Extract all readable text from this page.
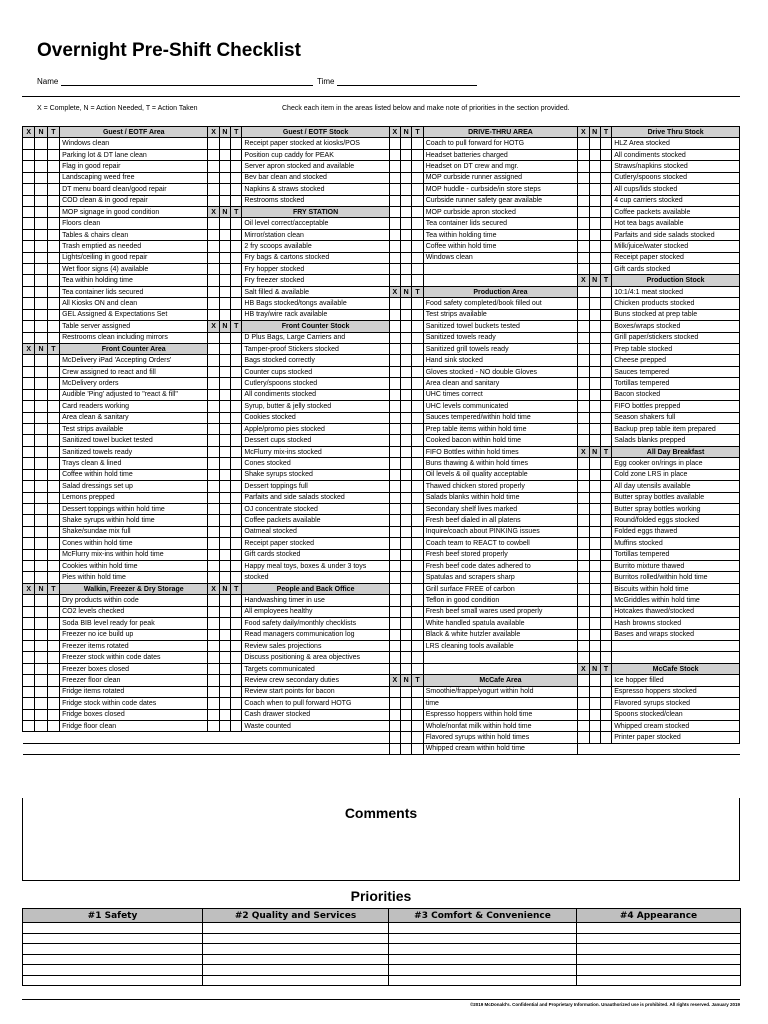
Overnight Pre-Shift Checklist
Name	Time
X = Complete, N = Action Needed, T = Action Taken	Check each item in the areas listed below and make note of priorities in the section provided.
X	N	T	Guest / EOTF Area	X	N	T	Guest / EOTF Stock	X	N	T	DRIVE-THRU AREA	X	N	T	Drive Thru Stock
			Windows clean				Receipt paper stocked at kiosks/POS				Coach to pull forward for HOTG				HLZ Area stocked
			Parking lot & DT lane clean				Position cup caddy for PEAK				Headset batteries charged				All condiments stocked
			Flag in good repair				Server apron stocked and available				Headset on DT crew and mgr.				Straws/napkins stocked
			Landscaping weed free				Bev bar clean and stocked				MOP curbside runner assigned				Cutlery/spoons stocked
			DT menu board clean/good repair				Napkins & straws stocked				MOP huddle - curbside/in store steps				All cups/lids stocked
			COD clean & in good repair				Restrooms stocked				Curbside runner safety gear available				4 cup carriers stocked
			MOP signage in good condition	X	N	T	FRY STATION				MOP curbside apron stocked				Coffee packets available
			Floors clean				Oil level correct/acceptable				Tea container lids secured				Hot tea bags available
			Tables & chairs clean				Mirror/station clean				Tea within holding time				Parfaits and side salads stocked
			Trash emptied as needed				2 fry scoops available				Coffee within hold time				Milk/juice/water stocked
			Lights/ceiling in good repair				Fry bags & cartons stocked				Windows clean				Receipt paper stocked
			Wet floor signs (4) available				Fry hopper stocked								Gift cards stocked
			Tea within holding time				Fry freezer stocked					X	N	T	Production Stock
			Tea container lids secured				Salt filled & available	X	N	T	Production Area				10:1/4:1 meat stocked
			All Kiosks ON and clean				HB Bags stocked/tongs available				Food safety completed/book filled out				Chicken products stocked
			GEL Assigned & Expectations Set				HB tray/wire rack available				Test strips available				Buns stocked at prep table
			Table server assigned	X	N	T	Front Counter Stock				Sanitized towel buckets tested				Boxes/wraps stocked
			Restrooms clean including mirrors				D Plus Bags, Large Carriers and				Sanitized towels ready				Grill paper/stickers stocked
X	N	T	Front Counter Area				Tamper-proof Stickers stocked				Sanitized grill towels ready				Prep table stocked
			McDelivery iPad 'Accepting Orders'				Bags stocked correctly				Hand sink stocked				Cheese prepped
			Crew assigned to react and fill				Counter cups stocked				Gloves stocked - NO double Gloves				Sauces tempered
			McDelivery orders				Cutlery/spoons stocked				Area clean and sanitary				Tortillas tempered
			Audible 'Ping' adjusted to "react & fill"				All condiments stocked				UHC times correct				Bacon stocked
			Card readers working				Syrup, butter & jelly stocked				UHC levels communicated				FIFO bottles prepped
			Area clean & sanitary				Cookies stocked				Sauces tempered/within hold time				Season shakers full
			Test strips available				Apple/promo pies stocked				Prep table items within hold time				Backup prep table item prepared
			Sanitized towel bucket tested				Dessert cups stocked				Cooked bacon within hold time				Salads blanks prepped
			Sanitized towels ready				McFlurry mix-ins stocked				FIFO Bottles within hold times	X	N	T	All Day Breakfast
			Trays clean & lined				Cones stocked				Buns thawing & within hold times				Egg cooker on/rings in place
			Coffee within hold time				Shake syrups stocked				Oil levels & oil quality acceptable				Cold zone LRS in place
			Salad dressings set up				Dessert toppings full				Thawed chicken stored properly				All day utensils available
			Lemons prepped				Parfaits and side salads stocked				Salads blanks within hold time				Butter spray bottles available
			Dessert toppings within hold time				OJ concentrate stocked				Secondary shelf lives marked				Butter spray bottles working
			Shake syrups within hold time				Coffee packets available				Fresh beef dialed in all platens				Round/folded eggs stocked
			Shake/sundae mix full				Oatmeal stocked				Inquire/coach about PINKING issues				Folded eggs thawed
			Cones within hold time				Receipt paper stocked				Coach team to REACT to cowbell				Muffins stocked
			McFlurry mix-ins within hold time				Gift cards stocked				Fresh beef stored properly				Tortillas tempered
			Cookies within hold time				Happy meal toys, boxes & under 3 toys				Fresh beef code dates adhered to				Burrito mixture thawed
			Pies within hold time				stocked				Spatulas and scrapers sharp				Burritos rolled/within hold time
X	N	T	Walkin, Freezer & Dry Storage	X	N	T	People and Back Office				Grill surface FREE of carbon				Biscuits within hold time
			Dry products within code				Handwashing timer in use				Teflon in good condition				McGriddles within hold time
			CO2 levels checked				All employees healthy				Fresh beef small wares used properly				Hotcakes thawed/stocked
			Soda BIB level ready for peak				Food safety daily/monthly checklists				White handled spatula available				Hash browns stocked
			Freezer no ice build up				Read managers communication log				Black & white hutzler available				Bases and wraps stocked
			Freezer items rotated				Review sales projections				LRS cleaning tools available				
			Freezer stock within code dates				Discuss positioning & area objectives								
			Freezer boxes closed				Targets communicated					X	N	T	McCafe Stock
			Freezer floor clean				Review crew secondary duties	X	N	T	McCafe Area				Ice hopper filled
			Fridge items rotated				Review start points for bacon				Smoothie/frappe/yogurt within hold				Espresso hoppers stocked
			Fridge stock within code dates				Coach when to pull forward HOTG				time				Flavored syrups stocked
			Fridge boxes closed				Cash drawer stocked				Espresso hoppers within hold time				Spoons stocked/clean
			Fridge floor clean				Waste counted				Whole/nonfat milk within hold time				Whipped cream stocked
											Flavored syrups within hold times				Printer paper stocked
											Whipped cream within hold time				
Comments
Priorities
#1 Safety	#2 Quality and Services	#3 Comfort & Convenience	#4 Appearance

©2019 McDonald's. Confidential and Proprietary Information. Unauthorized use is prohibited. All rights reserved. January 2019
